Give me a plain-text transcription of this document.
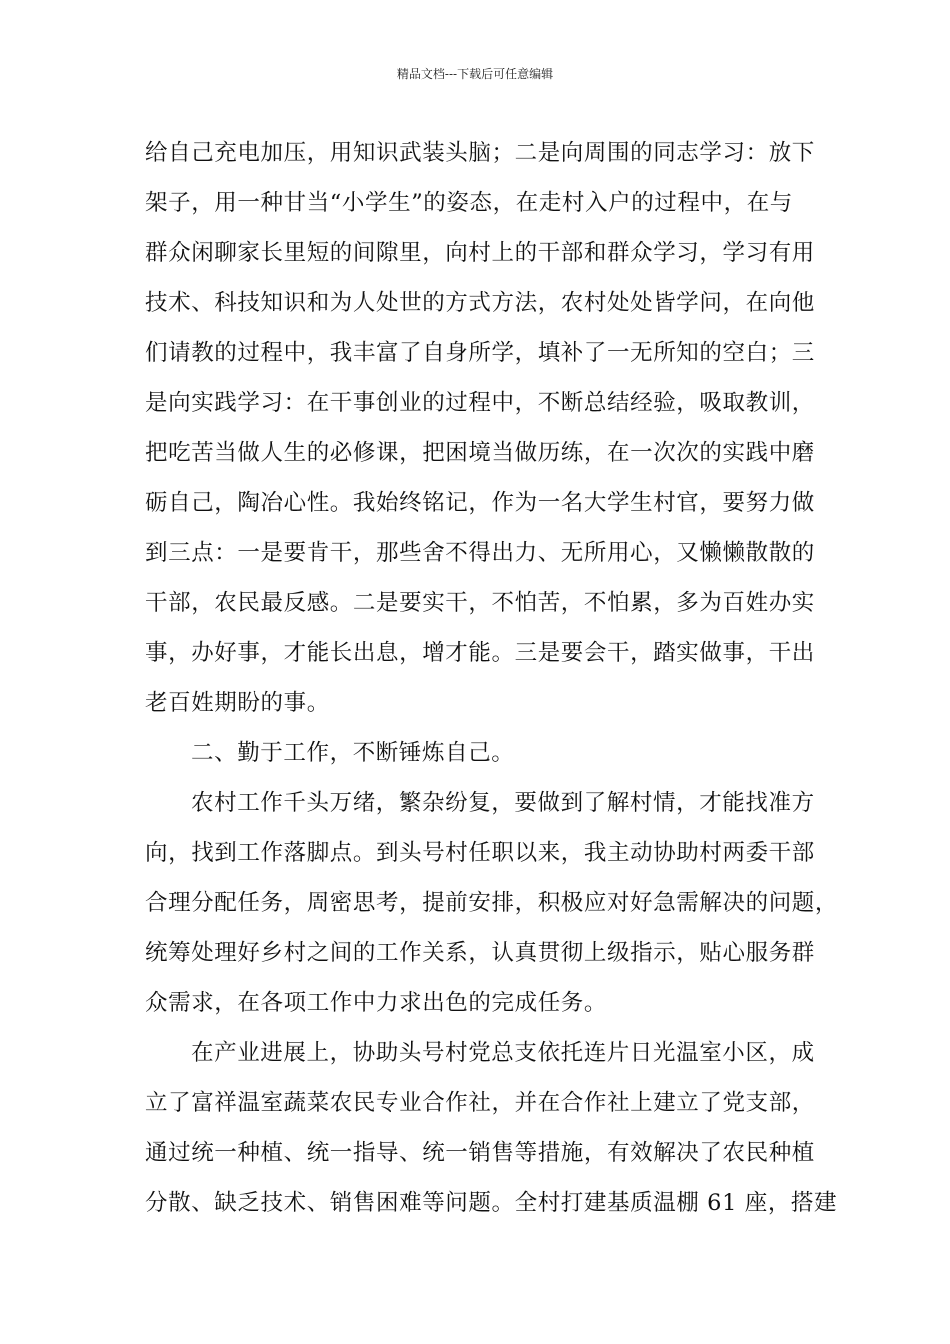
精品文档---下载后可任意编辑
给自己充电加压，用知识武装头脑；二是向周围的同志学习：放下
架子，用一种甘当“小学生”的姿态，在走村入户的过程中，在与
群众闲聊家长里短的间隙里，向村上的干部和群众学习，学习有用
技术、科技知识和为人处世的方式方法，农村处处皆学问，在向他
们请教的过程中，我丰富了自身所学，填补了一无所知的空白；三
是向实践学习：在干事创业的过程中，不断总结经验，吸取教训，
把吃苦当做人生的必修课，把困境当做历练，在一次次的实践中磨
砺自己，陶冶心性。我始终铭记，作为一名大学生村官，要努力做
到三点：一是要肯干，那些舍不得出力、无所用心，又懒懒散散的
干部，农民最反感。二是要实干，不怕苦，不怕累，多为百姓办实
事，办好事，才能长出息，增才能。三是要会干，踏实做事，干出
老百姓期盼的事。
二、勤于工作，不断锤炼自己。
农村工作千头万绪，繁杂纷复，要做到了解村情，才能找准方
向，找到工作落脚点。到头号村任职以来，我主动协助村两委干部
合理分配任务，周密思考，提前安排，积极应对好急需解决的问题，
统筹处理好乡村之间的工作关系，认真贯彻上级指示，贴心服务群
众需求，在各项工作中力求出色的完成任务。
在产业进展上，协助头号村党总支依托连片日光温室小区，成
立了富祥温室蔬菜农民专业合作社，并在合作社上建立了党支部，
通过统一种植、统一指导、统一销售等措施，有效解决了农民种植
分散、缺乏技术、销售困难等问题。全村打建基质温棚 61 座，搭建
